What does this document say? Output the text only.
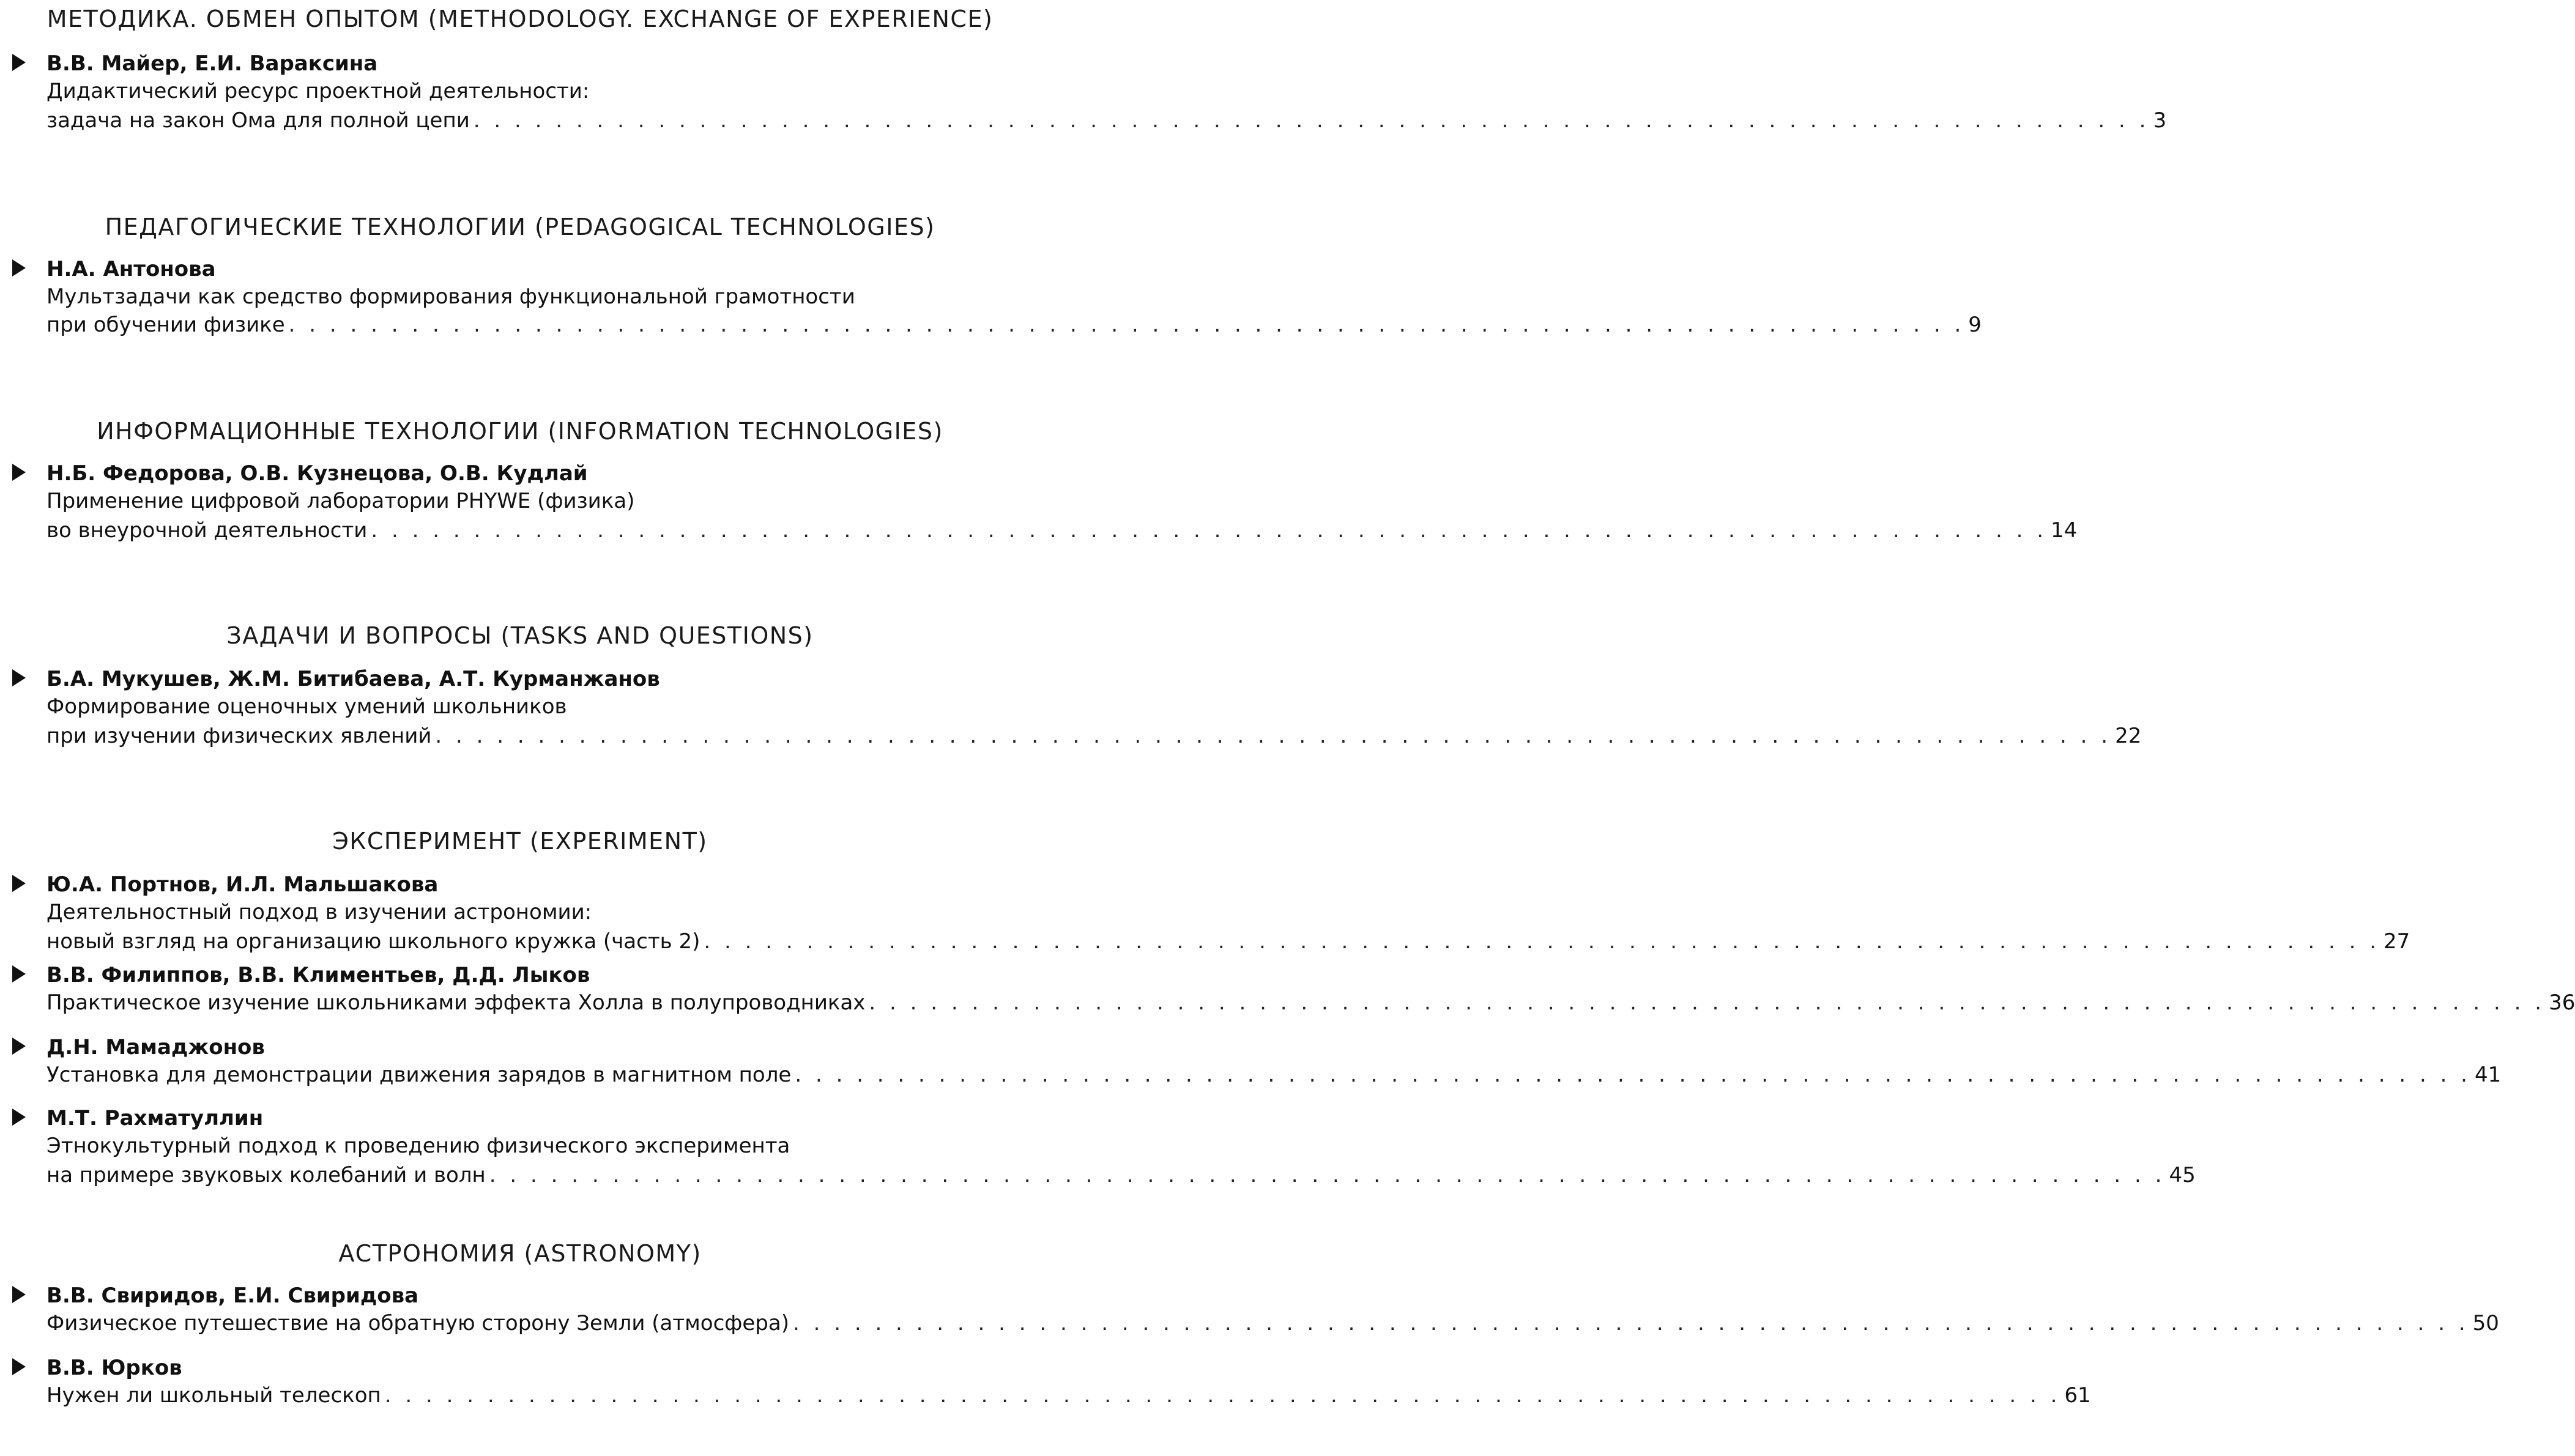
МЕТОДИКА. ОБМЕН ОПЫТОМ (METHODOLOGY. EXCHANGE OF EXPERIENCE)
В.В. Майер, Е.И. Вараксина
Дидактический ресурс проектной деятельности:
задача на закон Ома для полной цепи . . . . . . . . . . . . . . . . . . . . . . . . . . . . . . . . . . . . . . . . . . . . . . . . . . . . . . . . . . . . . . . . . . . . . . . . . . . . . . . . . . 3
ПЕДАГОГИЧЕСКИЕ ТЕХНОЛОГИИ (PEDAGOGICAL TECHNOLOGIES)
Н.А. Антонова
Мультзадачи как средство формирования функциональной грамотности
при обучении физике . . . . . . . . . . . . . . . . . . . . . . . . . . . . . . . . . . . . . . . . . . . . . . . . . . . . . . . . . . . . . . . . . . . . . . . . . . . . . . . . . . 9
ИНФОРМАЦИОННЫЕ ТЕХНОЛОГИИ (INFORMATION TECHNOLOGIES)
Н.Б. Федорова, О.В. Кузнецова, О.В. Кудлай
Применение цифровой лаборатории PHYWE (физика)
во внеурочной деятельности . . . . . . . . . . . . . . . . . . . . . . . . . . . . . . . . . . . . . . . . . . . . . . . . . . . . . . . . . . . . . . . . . . . . . . . . . . . . . . . . . . 14
ЗАДАЧИ И ВОПРОСЫ (TASKS AND QUESTIONS)
Б.А. Мукушев, Ж.М. Битибаева, А.Т. Курманжанов
Формирование оценочных умений школьников
при изучении физических явлений . . . . . . . . . . . . . . . . . . . . . . . . . . . . . . . . . . . . . . . . . . . . . . . . . . . . . . . . . . . . . . . . . . . . . . . . . . . . . . . . . . 22
ЭКСПЕРИМЕНТ (EXPERIMENT)
Ю.А. Портнов, И.Л. Мальшакова
Деятельностный подход в изучении астрономии:
новый взгляд на организацию школьного кружка (часть 2) . . . . . . . . . . . . . . . . . . . . . . . . . . . . . . . . . . . . . . . . . . . . . . . . . . . . . . . . . . . . . . . . . . . . . . . . . . . . . . . . . . 27
В.В. Филиппов, В.В. Климентьев, Д.Д. Лыков
Практическое изучение школьниками эффекта Холла в полупроводниках . . . . . . . . . . . . . . . . . . . . . . . . . . . . . . . . . . . . . . . . . . . . . . . . . . . . . . . . . . . . . . . . . . . . . . . . . . . . . . . . . . 36
Д.Н. Мамаджонов
Установка для демонстрации движения зарядов в магнитном поле . . . . . . . . . . . . . . . . . . . . . . . . . . . . . . . . . . . . . . . . . . . . . . . . . . . . . . . . . . . . . . . . . . . . . . . . . . . . . . . . . . 41
М.Т. Рахматуллин
Этнокультурный подход к проведению физического эксперимента
на примере звуковых колебаний и волн . . . . . . . . . . . . . . . . . . . . . . . . . . . . . . . . . . . . . . . . . . . . . . . . . . . . . . . . . . . . . . . . . . . . . . . . . . . . . . . . . . 45
АСТРОНОМИЯ (ASTRONOMY)
В.В. Свиридов, Е.И. Свиридова
Физическое путешествие на обратную сторону Земли (атмосфера) . . . . . . . . . . . . . . . . . . . . . . . . . . . . . . . . . . . . . . . . . . . . . . . . . . . . . . . . . . . . . . . . . . . . . . . . . . . . . . . . . . 50
В.В. Юрков
Нужен ли школьный телескоп . . . . . . . . . . . . . . . . . . . . . . . . . . . . . . . . . . . . . . . . . . . . . . . . . . . . . . . . . . . . . . . . . . . . . . . . . . . . . . . . . . 61
